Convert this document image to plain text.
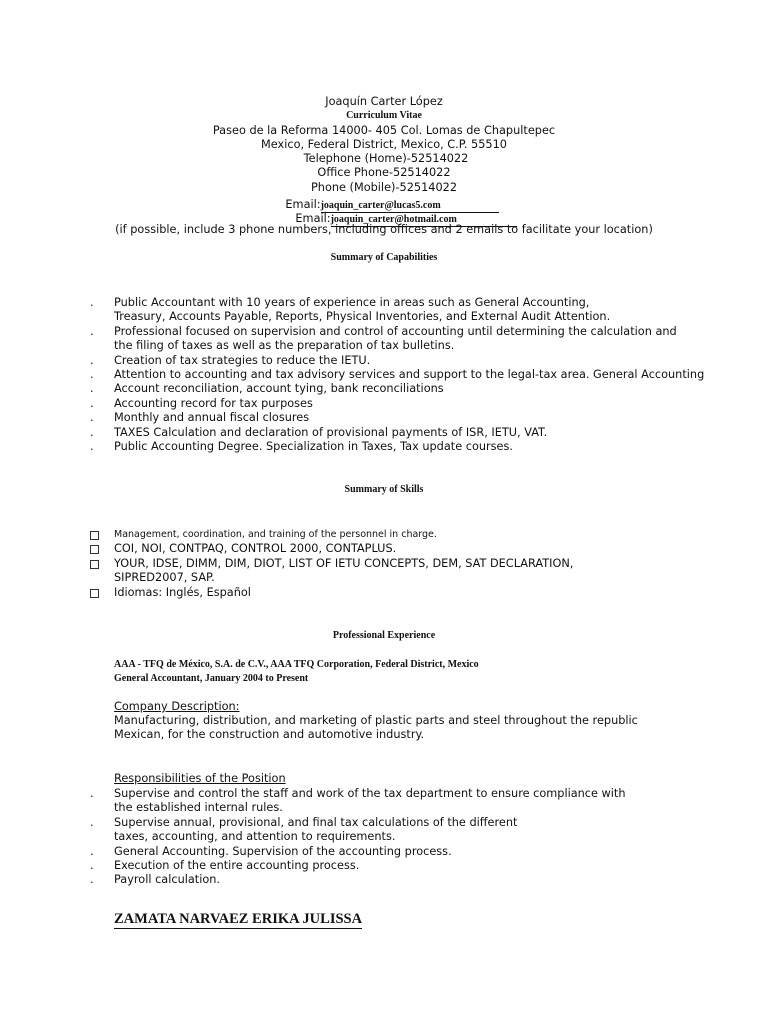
Joaquín Carter López
Curriculum Vitae
Paseo de la Reforma 14000- 405 Col. Lomas de Chapultepec
Mexico, Federal District, Mexico, C.P. 55510
Telephone (Home)-52514022
Office Phone-52514022
Phone (Mobile)-52514022
Email:joaquin_carter@lucas5.com
Email:joaquin_carter@hotmail.com
(if possible, include 3 phone numbers, including offices and 2 emails to facilitate your location)
Summary of Capabilities
.	Public Accountant with 10 years of experience in areas such as General Accounting,
Treasury, Accounts Payable, Reports, Physical Inventories, and External Audit Attention.
.	Professional focused on supervision and control of accounting until determining the calculation and
the filing of taxes as well as the preparation of tax bulletins.
.	Creation of tax strategies to reduce the IETU.
.	Attention to accounting and tax advisory services and support to the legal-tax area. General Accounting
.	Account reconciliation, account tying, bank reconciliations
.	Accounting record for tax purposes
.	Monthly and annual fiscal closures
.	TAXES Calculation and declaration of provisional payments of ISR, IETU, VAT.
.	Public Accounting Degree. Specialization in Taxes, Tax update courses.
Summary of Skills
Management, coordination, and training of the personnel in charge.
COI, NOI, CONTPAQ, CONTROL 2000, CONTAPLUS.
YOUR, IDSE, DIMM, DIM, DIOT, LIST OF IETU CONCEPTS, DEM, SAT DECLARATION,
SIPRED2007, SAP.
Idiomas: Inglés, Español
Professional Experience
AAA - TFQ de México, S.A. de C.V., AAA TFQ Corporation, Federal District, Mexico
General Accountant, January 2004 to Present
Company Description:
Manufacturing, distribution, and marketing of plastic parts and steel throughout the republic
Mexican, for the construction and automotive industry.
Responsibilities of the Position
.	Supervise and control the staff and work of the tax department to ensure compliance with
the established internal rules.
.	Supervise annual, provisional, and final tax calculations of the different
taxes, accounting, and attention to requirements.
.	General Accounting. Supervision of the accounting process.
.	Execution of the entire accounting process.
.	Payroll calculation.
ZAMATA NARVAEZ ERIKA JULISSA
